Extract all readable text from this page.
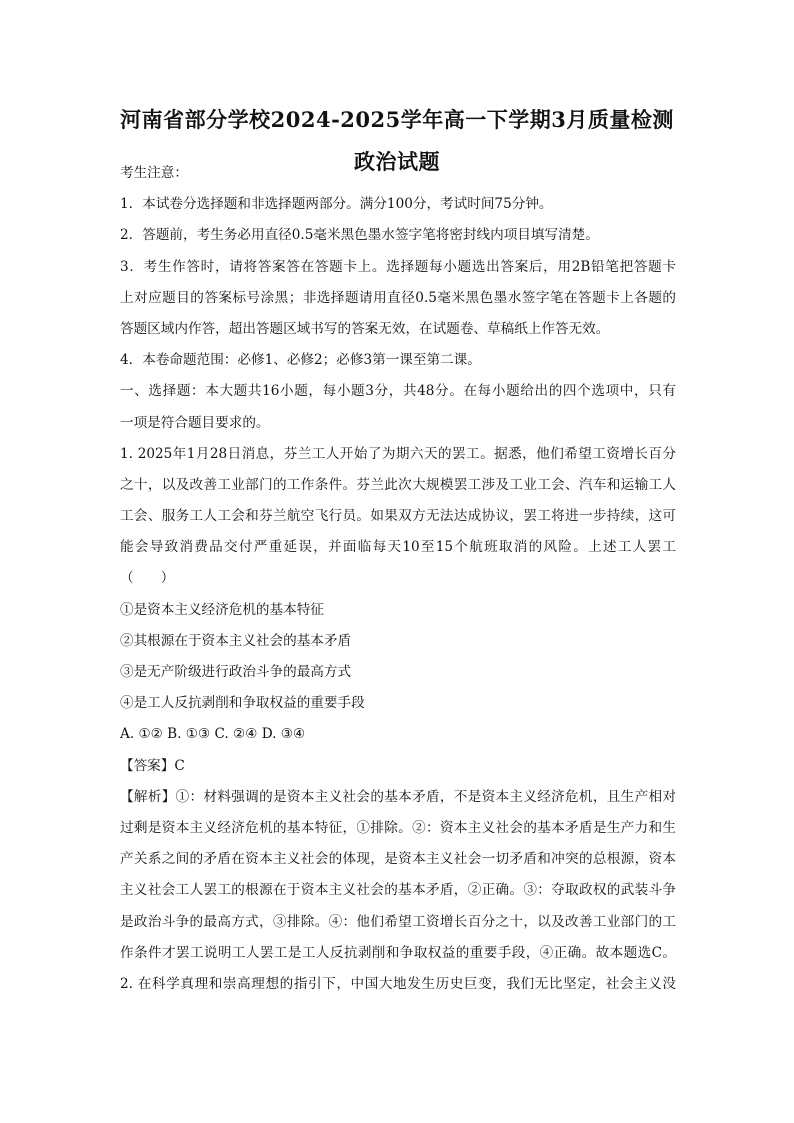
河南省部分学校2024-2025学年高一下学期3月质量检测
政治试题
考生注意：
1．本试卷分选择题和非选择题两部分。满分100分，考试时间75分钟。
2．答题前，考生务必用直径0.5毫米黑色墨水签字笔将密封线内项目填写清楚。
3．考生作答时，请将答案答在答题卡上。选择题每小题选出答案后，用2B铅笔把答题卡
上对应题目的答案标号涂黑；非选择题请用直径0.5毫米黑色墨水签字笔在答题卡上各题的
答题区域内作答，超出答题区域书写的答案无效，在试题卷、草稿纸上作答无效。
4．本卷命题范围：必修1、必修2；必修3第一课至第二课。
一、选择题：本大题共16小题，每小题3分，共48分。在每小题给出的四个选项中，只有
一项是符合题目要求的。
1. 2025年1月28日消息，芬兰工人开始了为期六天的罢工。据悉，他们希望工资增长百分
之十，以及改善工业部门的工作条件。芬兰此次大规模罢工涉及工业工会、汽车和运输工人
工会、服务工人工会和芬兰航空飞行员。如果双方无法达成协议，罢工将进一步持续，这可
能会导致消费品交付严重延误，并面临每天10至15个航班取消的风险。上述工人罢工
（　　）
①是资本主义经济危机的基本特征
②其根源在于资本主义社会的基本矛盾
③是无产阶级进行政治斗争的最高方式
④是工人反抗剥削和争取权益的重要手段
A. ①② B. ①③ C. ②④ D. ③④
【答案】C
【解析】①：材料强调的是资本主义社会的基本矛盾，不是资本主义经济危机，且生产相对
过剩是资本主义经济危机的基本特征，①排除。②：资本主义社会的基本矛盾是生产力和生
产关系之间的矛盾在资本主义社会的体现，是资本主义社会一切矛盾和冲突的总根源，资本
主义社会工人罢工的根源在于资本主义社会的基本矛盾，②正确。③：夺取政权的武装斗争
是政治斗争的最高方式，③排除。④：他们希望工资增长百分之十，以及改善工业部门的工
作条件才罢工说明工人罢工是工人反抗剥削和争取权益的重要手段，④正确。故本题选C。
2. 在科学真理和崇高理想的指引下，中国大地发生历史巨变，我们无比坚定，社会主义没
